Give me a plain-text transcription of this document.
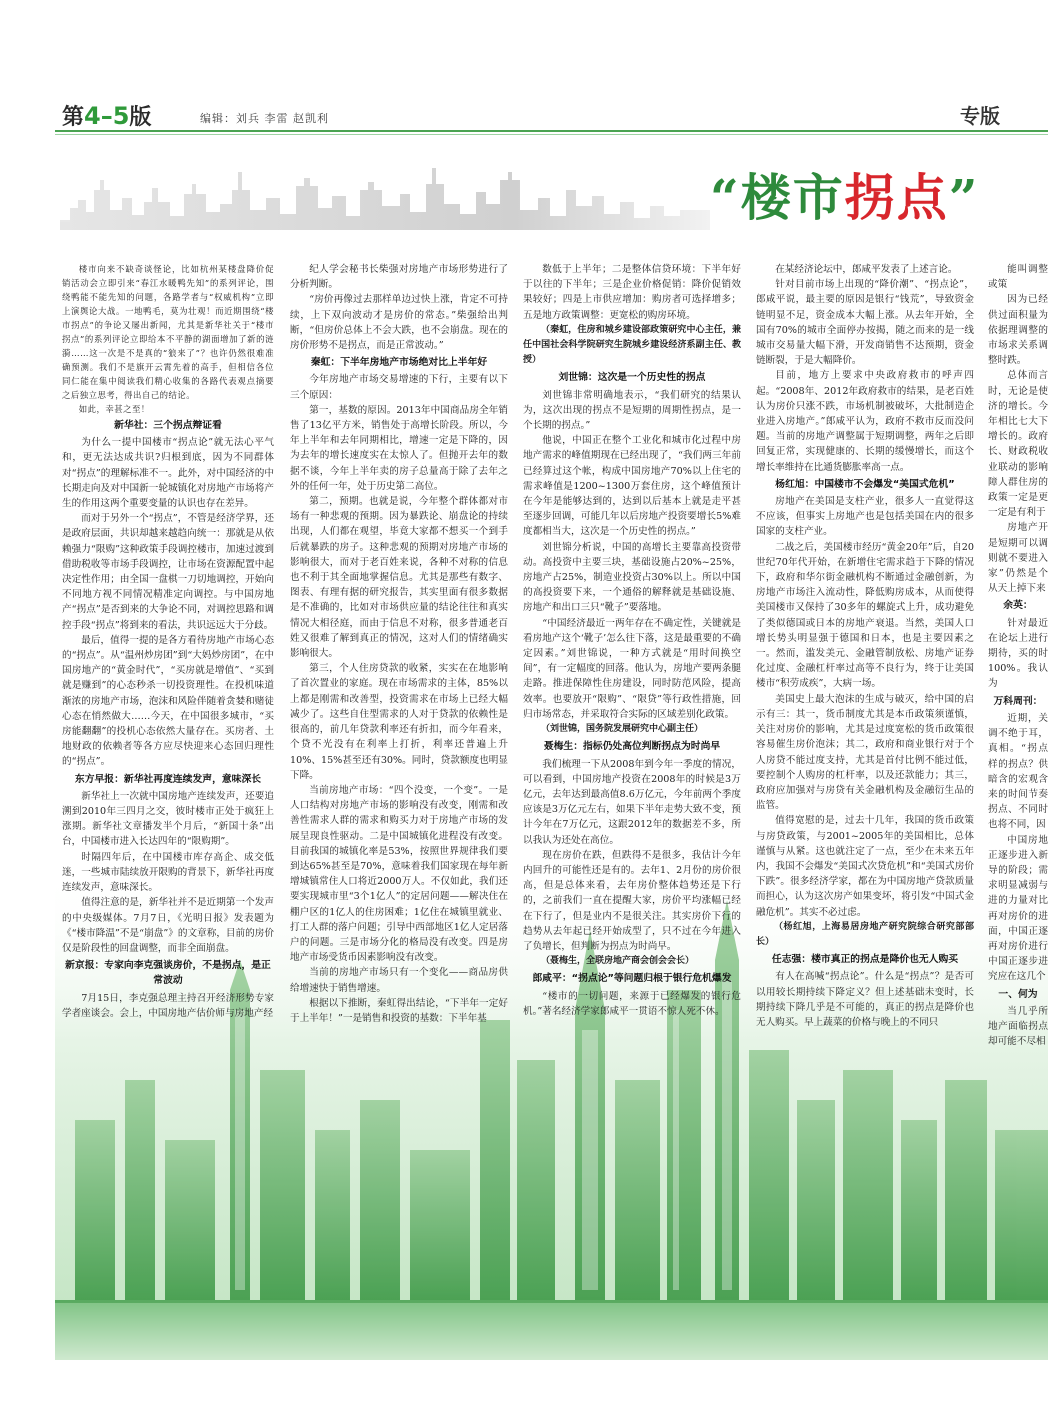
第4–5版	编辑：刘兵 李雷 赵凯利	专版
“楼市拐点”

楼市向来不缺奇谈怪论，比如杭州某楼盘降价促销活动会立即引来“春江水暖鸭先知”的系列评论，围绕鸭能不能先知的问题，各路学者与“权威机构”立即上演舆论大战。一地鸭毛，莫为壮观！而近期围绕“楼市拐点”的争论又屡出新闻，尤其是新华社关于“楼市拐点”的系列评论立即给本不平静的湖面增加了新的涟漪……这一次是不是真的“狼来了”？也许仍然很难准确预测。我们不是旗开云霄先着的高手，但相信各位同仁能在集中阅读我们精心收集的各路代表观点摘要之后独立思考，得出自己的结论。

如此，幸甚之至！

新华社：三个拐点辩证看

为什么一提中国楼市“拐点论”就无法心平气和，更无法达成共识?归根到底，因为不同群体对“拐点”的理解标准不一。此外，对中国经济的中长期走向及对中国新一轮城镇化对房地产市场将产生的作用这两个重要变量的认识也存在差异。

而对于另外一个“拐点”，不管是经济学界，还是政府层面，共识却越来越趋向统一：那就是从依赖强力“限购”这种政策手段调控楼市，加速过渡到借助税收等市场手段调控，让市场在资源配置中起决定性作用；由全国一盘棋一刀切地调控，开始向不同地方视不同情况精准定向调控。与中国房地产“拐点”是否到来的大争论不同，对调控思路和调控手段“拐点”将到来的看法，共识远远大于分歧。

最后，值得一提的是各方看待房地产市场心态的“拐点”。从“温州炒房团”到“大妈炒房团”，在中国房地产的“黄金时代”，“买房就是增值”、“买到就是赚到”的心态秒杀一切投资理性。在投机味道渐浓的房地产市场，泡沫和风险伴随着贪婪和赌徒心态在悄然做大……今天，在中国很多城市，“买房能翻翻”的投机心态依然大量存在。买房者、土地财政的依赖者等各方应尽快迎来心态回归理性的“拐点”。

东方早报：新华社再度连续发声，意味深长

新华社上一次就中国房地产连续发声，还要追溯到2010年三四月之交，彼时楼市正处于疯狂上涨期。新华社文章播发半个月后，“新国十条”出台，中国楼市进入长达四年的“限购期”。

时隔四年后，在中国楼市库存高企、成交低迷，一些城市陆续放开限购的背景下，新华社再度连续发声，意味深长。

值得注意的是，新华社并不是近期第一个发声的中央级媒体。7月7日，《光明日报》发表题为《“楼市降温”不是“崩盘”》的文章称，目前的房价仅是阶段性的回盘调整，而非全面崩盘。

新京报：专家向李克强谈房价，不是拐点，是正常波动

7月15日，李克强总理主持召开经济形势专家学者座谈会。会上，中国房地产估价师与房地产经

纪人学会秘书长柴强对房地产市场形势进行了分析判断。

“房价再像过去那样单边过快上涨，肯定不可持续，上下双向波动才是房价的常态。”柴强给出判断，“但房价总体上不会大跌，也不会崩盘。现在的房价形势不是拐点，而是正常波动。”

秦虹：下半年房地产市场绝对比上半年好

今年房地产市场交易增速的下行，主要有以下三个原因：

第一，基数的原因。2013年中国商品房全年销售了13亿平方米，销售处于高增长阶段。所以，今年上半年和去年同期相比，增速一定是下降的，因为去年的增长速度实在太惊人了。但抛开去年的数据不谈，今年上半年卖的房子总量高于除了去年之外的任何一年，处于历史第二高位。

第二，预期。也就是说，今年整个群体都对市场有一种悲观的预期。因为暴跌论、崩盘论的持续出现，人们都在观望，毕竟大家都不想买一个到手后就暴跌的房子。这种悲观的预期对房地产市场的影响很大，而对于老百姓来说，各种不对称的信息也不利于其全面地掌握信息。尤其是那些有数字、图表、有理有据的研究报告，其实里面有很多数据是不准确的，比如对市场供应量的结论往往和真实情况大相径庭，而由于信息不对称，很多普通老百姓又很难了解到真正的情况，这对人们的情绪确实影响很大。

第三，个人住房贷款的收紧，实实在在地影响了首次置业的家庭。现在市场需求的主体，85%以上都是刚需和改善型，投资需求在市场上已经大幅减少了。这些自住型需求的人对于贷款的依赖性是很高的，前几年贷款利率还有折扣，而今年看来，个贷不光没有在利率上打折，利率还普遍上升10%、15%甚至还有30%。同时，贷款额度也明显下降。

当前房地产市场：“四个没变，一个变”。一是人口结构对房地产市场的影响没有改变，刚需和改善性需求人群的需求和购买力对于房地产市场的发展呈现良性驱动。二是中国城镇化进程没有改变。目前我国的城镇化率是53%，按照世界规律我们要到达65%甚至是70%，意味着我们国家现在每年新增城镇常住人口将近2000万人。不仅如此，我们还要实现城市里“3个1亿人”的定居问题——解决住在棚户区的1亿人的住房困难；1亿住在城镇里就业、打工人群的落户问题；引导中西部地区1亿人定居落户的问题。三是市场分化的格局没有改变。四是房地产市场受货币因素影响没有改变。

当前的房地产市场只有一个变化——商品房供给增速快于销售增速。

根据以下推断，秦虹得出结论，“下半年一定好于上半年！”一是销售和投资的基数：下半年基

数低于上半年；二是整体信贷环境：下半年好于以往的下半年；三是企业价格促销：降价促销效果较好；四是上市供应增加：购房者可选择增多；五是地方政策调整：更宽松的购房环境。

（秦虹，住房和城乡建设部政策研究中心主任，兼任中国社会科学院研究生院城乡建设经济系副主任、教授）

刘世锦：这次是一个历史性的拐点

刘世锦非常明确地表示，“我们研究的结果认为，这次出现的拐点不是短期的周期性拐点，是一个长期的拐点。”

他说，中国正在整个工业化和城市化过程中房地产需求的峰值期现在已经出现了，“我们两三年前已经算过这个帐，构成中国房地产70%以上住宅的需求峰值是1200~1300万套住房，这个峰值预计在今年是能够达到的，达到以后基本上就是走平甚至逐步回调，可能几年以后房地产投资要增长5%难度都相当大，这次是一个历史性的拐点。”

刘世锦分析说，中国的高增长主要靠高投资带动。高投资中主要三块，基础设施占20%~25%，房地产占25%，制造业投资占30%以上。所以中国的高投资要下来，一个通俗的解释就是基础设施、房地产和出口三只“靴子”要落地。

“中国经济最近一两年存在不确定性，关键就是看房地产这个‘靴子’怎么往下落，这是最重要的不确定因素。”刘世锦说，一种方式就是“用时间换空间”，有一定幅度的回落。他认为，房地产要两条腿走路。推进保障性住房建设，同时防范风险，提高效率。也要放开“限购”、“限贷”等行政性措施，回归市场常态，并采取符合实际的区域差别化政策。

（刘世锦，国务院发展研究中心副主任）

聂梅生：指标仍处高位判断拐点为时尚早

我们梳理一下从2008年到今年一季度的情况，可以看到，中国房地产投资在2008年的时候是3万亿元，去年达到最高值8.6万亿元，今年前两个季度应该是3万亿元左右，如果下半年走势大致不变，预计今年在7万亿元，这跟2012年的数据差不多，所以我认为还处在高位。

现在房价在跌，但跌得不是很多，我估计今年内回升的可能性还是有的。去年1、2月份的房价很高，但是总体来看，去年房价整体趋势还是下行的，之前我们一直在提醒大家，房价平均涨幅已经在下行了，但是业内不是很关注。其实房价下行的趋势从去年起已经开始成型了，只不过在今年进入了负增长，但判断为拐点为时尚早。

（聂梅生，全联房地产商会创会会长）

郎咸平：“拐点论”等问题归根于银行危机爆发

“楼市的一切问题，来源于已经爆发的银行危机。”著名经济学家郎咸平一贯语不惊人死不休。

在某经济论坛中，郎咸平发表了上述言论。

针对目前市场上出现的“降价潮”、“拐点论”，郎咸平说，最主要的原因是银行“钱荒”，导致资金链明显不足，资金成本大幅上涨。从去年开始，全国有70%的城市全面停办按揭，随之而来的是一线城市交易量大幅下滑，开发商销售不达预期，资金链断裂，于是大幅降价。

目前，地方上要求中央政府救市的呼声四起。“2008年、2012年政府救市的结果，是老百姓认为房价只涨不跌，市场机制被破坏，大批制造企业进入房地产。”郎咸平认为，政府不救市反而没问题。当前的房地产调整属于短期调整，两年之后即回复正常，实现健康的、长期的缓慢增长，而这个增长率维持在比通货膨胀率高一点。

杨红旭：中国楼市不会爆发“美国式危机”

房地产在美国是支柱产业，很多人一直觉得这不应该，但事实上房地产也是包括美国在内的很多国家的支柱产业。

二战之后，美国楼市经历“黄金20年”后，自20世纪70年代开始，在新增住宅需求趋于下降的情况下，政府和华尔街金融机构不断通过金融创新，为房地产市场注入流动性，降低购房成本，从而使得美国楼市又保持了30多年的螺旋式上升，成功避免了类似德国或日本的房地产衰退。当然，美国人口增长势头明显强于德国和日本，也是主要因素之一。然而，滥发美元、金融管制放松、房地产证券化过度、金融杠杆率过高等不良行为，终于让美国楼市“积劳成疾”，大病一场。

美国史上最大泡沫的生成与破灭，给中国的启示有三：其一，货币制度尤其是本币政策须谨慎，关注对房价的影响，尤其是过度宽松的货币政策很容易催生房价泡沫；其二，政府和商业银行对于个人房贷不能过度支持，尤其是首付比例不能过低，要控制个人购房的杠杆率，以及还款能力；其三，政府应加强对与房贷有关金融机构及金融衍生品的监管。

值得宽慰的是，过去十几年，我国的货币政策与房贷政策，与2001~2005年的美国相比，总体谨慎与从紧。这也就注定了一点，至少在未来五年内，我国不会爆发“美国式次贷危机”和“美国式房价下跌”。很多经济学家，都在为中国房地产贷款质量而担心，认为这次房产如果变坏，将引发“中国式金融危机”。其实不必过虑。

（杨红旭，上海易居房地产研究院综合研究部部长）

任志强：楼市真正的拐点是降价也无人购买

有人在高喊“拐点论”。什么是“拐点”？是否可以用较长期持续下降定义？但上述基础未变时，长期持续下降几乎是不可能的，真正的拐点是降价也无人购买。早上蔬菜的价格与晚上的不同只

能叫调整或策

因为已经供过面积量为依据理调整的市场求关系调整时跌。

总体而言时，无论是使济的增长。今年相比七大下增长的。政府长、财政税收业联动的影响障人群住房的政策一定是更一定是有利于

房地产开是短期可以调则就不要进入家”仍然是个从天上掉下来

余英：

针对最近在论坛上进行期待，买的时100%。我认为

万科周刊：

近期，关调不绝于耳，真相。“拐点样的拐点？供暗含的宏观含来的时间节奏拐点、不同时也将不同，因

中国房地正逐步进入新导的阶段；需求明显减弱与进的力量对比再对房价的进面，中国正逐再对房价进行中国正逐步进究应在这几个

一、何为

当几乎所地产面临拐点却可能不尽相
